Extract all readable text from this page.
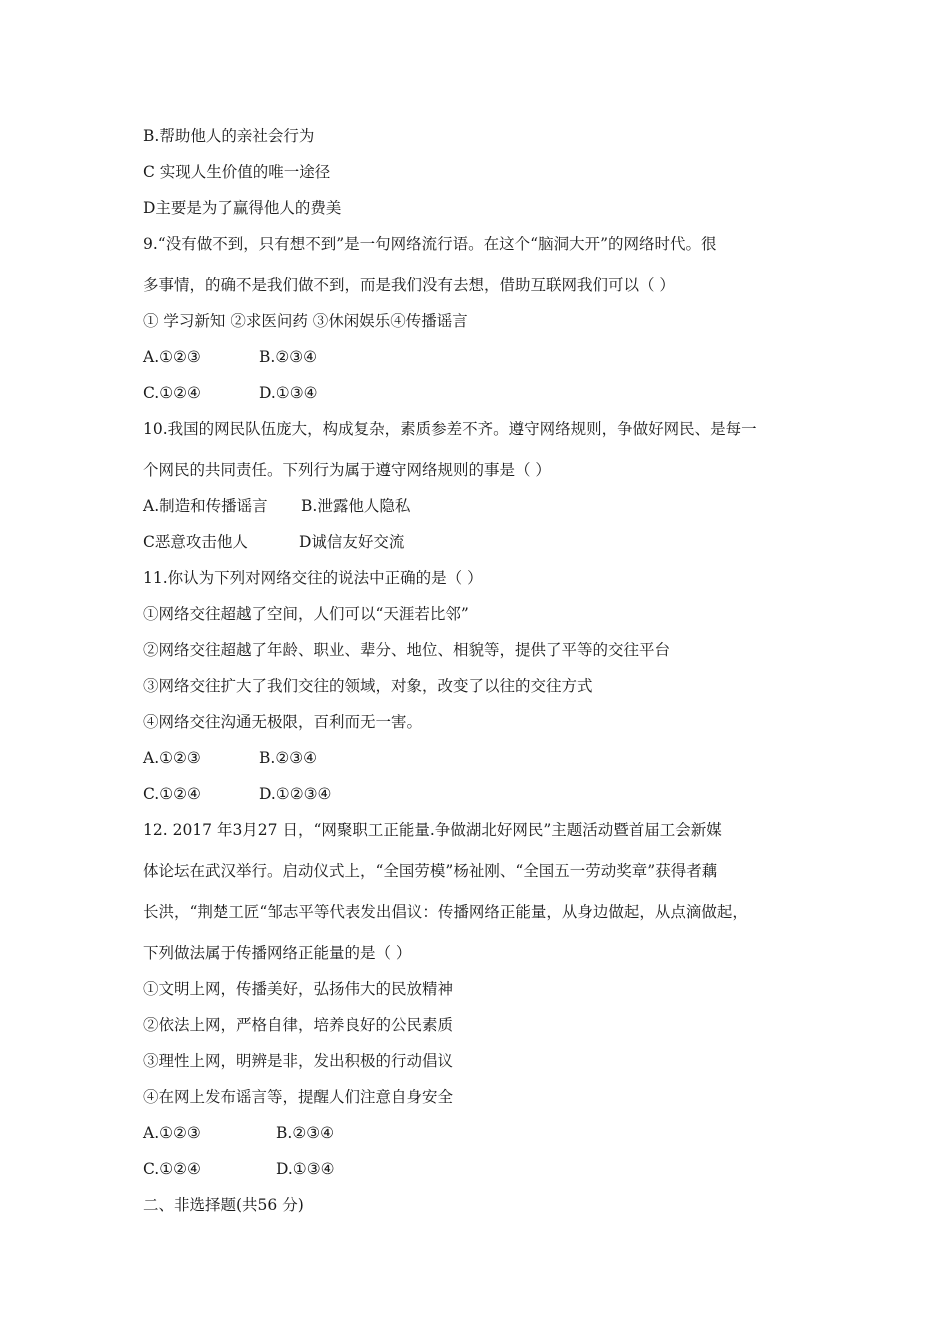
B.帮助他人的亲社会行为
C 实现人生价值的唯一途径
D主要是为了赢得他人的费美
9.“没有做不到，只有想不到”是一句网络流行语。在这个“脑洞大开”的网络时代。很
多事情，的确不是我们做不到，而是我们没有去想，借助互联网我们可以（ ）
① 学习新知 ②求医问药 ③休闲娱乐④传播谣言
A.①②③	B.②③④
C.①②④	D.①③④
10.我国的网民队伍庞大，构成复杂，素质参差不齐。遵守网络规则，争做好网民、是每一
个网民的共同责任。下列行为属于遵守网络规则的事是（ ）
A.制造和传播谣言 B.泄露他人隐私
C恶意攻击他人	D诚信友好交流
11.你认为下列对网络交往的说法中正确的是（ ）
①网络交往超越了空间，人们可以“天涯若比邻”
②网络交往超越了年龄、职业、辈分、地位、相貌等，提供了平等的交往平台
③网络交往扩大了我们交往的领域，对象，改变了以往的交往方式
④网络交往沟通无极限，百利而无一害。
A.①②③	B.②③④
C.①②④	D.①②③④
12. 2017 年3月27 日，“网聚职工正能量.争做湖北好网民”主题活动暨首届工会新媒
体论坛在武汉举行。启动仪式上，“全国劳模”杨祉刚、“全国五一劳动奖章”获得者藕
长洪，“荆楚工匠“邹志平等代表发出倡议：传播网络正能量，从身边做起，从点滴做起，
下列做法属于传播网络正能量的是（ ）
①文明上网，传播美好，弘扬伟大的民放精神
②依法上网，严格自律，培养良好的公民素质
③理性上网，明辨是非，发出积极的行动倡议
④在网上发布谣言等，提醒人们注意自身安全
A.①②③	B.②③④
C.①②④	D.①③④
二、非选择题(共56 分)
